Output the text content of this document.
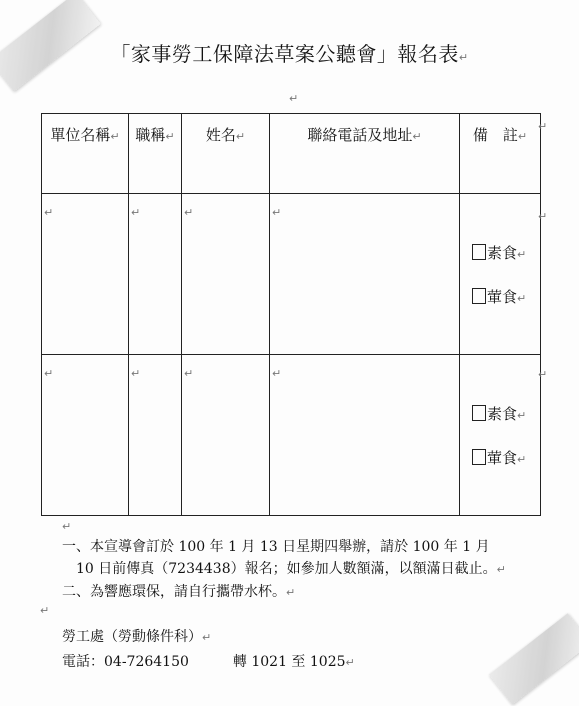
「家事勞工保障法草案公聽會」報名表↵
↵
單位名稱↵	職稱↵	姓名↵	聯絡電話及地址↵	備　註↵

↵	↵	↵	↵	素食↵
葷食↵

↵	↵	↵	↵	素食↵
葷食↵
↵
↵
↵
↵
一、本宣導會訂於 100 年 1 月 13 日星期四舉辦，請於 100 年 1 月
10 日前傳真（7234438）報名；如參加人數額滿，以額滿日截止。↵
二、為響應環保，請自行攜帶水杯。↵
↵
勞工處（勞動條件科）↵
電話：04-7264150	轉 1021 至 1025↵
